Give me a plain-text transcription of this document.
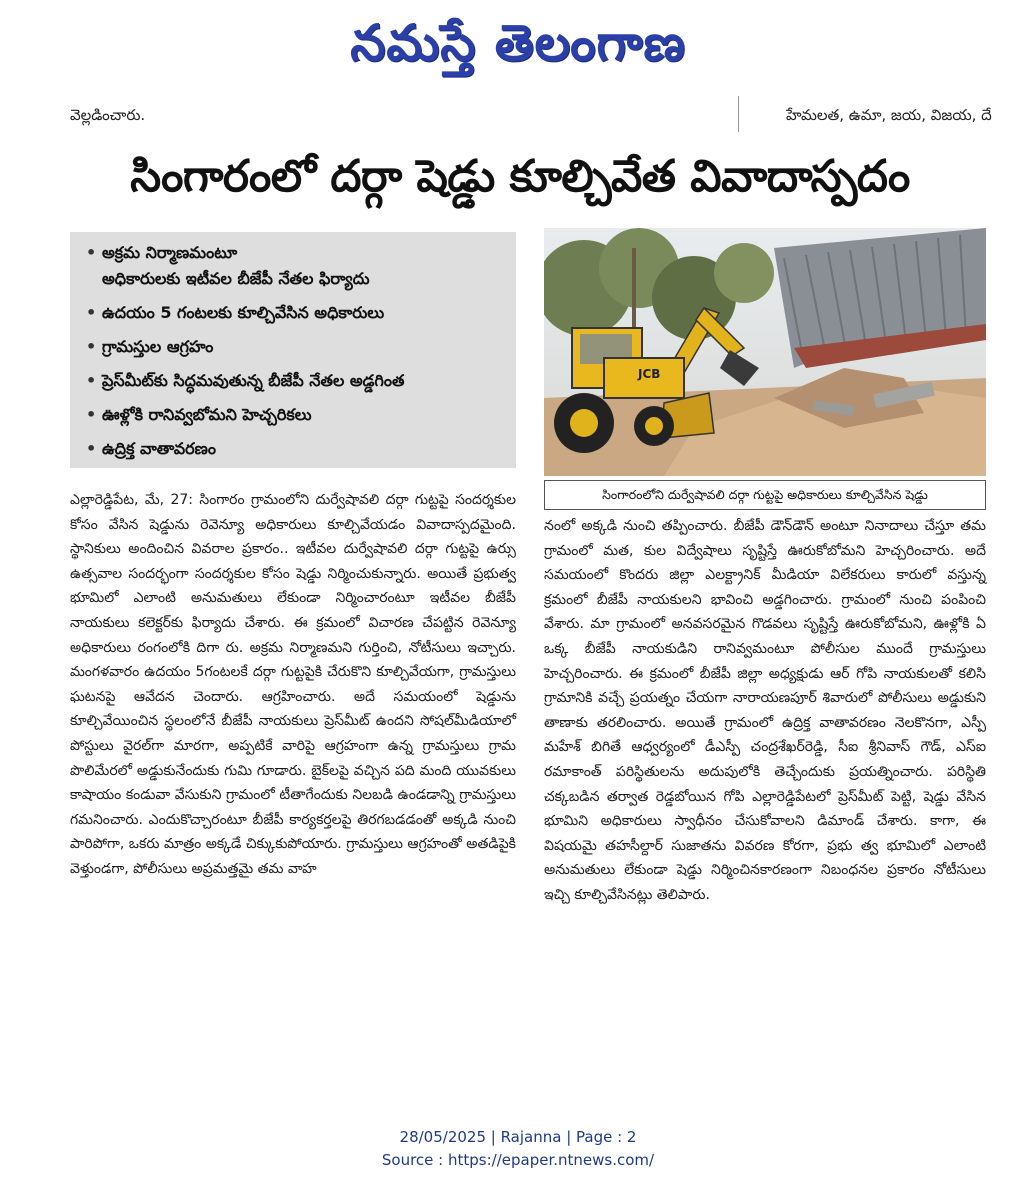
నమస్తే తెలంగాణ
వెల్లడించారు.	హేమలత, ఉమా, జయ, విజయ, దే
సింగారంలో దర్గా షెడ్డు కూల్చివేత వివాదాస్పదం
• అక్రమ నిర్మాణమంటూ
అధికారులకు ఇటీవల బీజేపీ నేతల ఫిర్యాదు
• ఉదయం 5 గంటలకు కూల్చివేసిన అధికారులు
• గ్రామస్తుల ఆగ్రహం
• ప్రెస్‌మీట్‌కు సిద్ధమవుతున్న బీజేపీ నేతల అడ్డగింత
• ఊళ్లోకి రానివ్వబోమని హెచ్చరికలు
• ఉద్రిక్త వాతావరణం
JCB
సింగారంలోని దుర్వేషావలి దర్గా గుట్టపై అధికారులు కూల్చివేసిన షెడ్డు

ఎల్లారెడ్డిపేట, మే, 27: సింగారం గ్రామంలోని దుర్వేషావలి దర్గా గుట్టపై సందర్శకుల కోసం వేసిన షెడ్డును రెవెన్యూ అధికారులు కూల్చివేయడం వివాదాస్పదమైంది. స్థానికులు అందించిన వివరాల ప్రకారం.. ఇటీవల దుర్వేషావలి దర్గా గుట్టపై ఉర్సు ఉత్సవాల సందర్భంగా సందర్శకుల కోసం షెడ్డు నిర్మించుకున్నారు. అయితే ప్రభుత్వ భూమిలో ఎలాంటి అనుమతులు లేకుండా నిర్మించారంటూ ఇటీవల బీజేపీ నాయకులు కలెక్టర్‌కు ఫిర్యాదు చేశారు. ఈ క్రమంలో విచారణ చేపట్టిన రెవెన్యూ అధికారులు రంగంలోకి దిగా రు. అక్రమ నిర్మాణమని గుర్తించి, నోటీసులు ఇచ్చారు. మంగళవారం ఉదయం 5గంటలకే దర్గా గుట్టపైకి చేరుకొని కూల్చివేయగా, గ్రామస్తులు ఘటనపై ఆవేదన చెందారు. ఆగ్రహించారు. అదే సమయంలో షెడ్డును కూల్చివేయించిన స్థలంలోనే బీజేపీ నాయకులు ప్రెస్‌మీట్ ఉందని సోషల్‌మీడియాలో పోస్టులు వైరల్‌గా మారగా, అప్పటికే వారిపై ఆగ్రహంగా ఉన్న గ్రామస్తులు గ్రామ పొలిమేరలో అడ్డుకునేందుకు గుమి గూడారు. బైక్‌లపై వచ్చిన పది మంది యువకులు కాషాయం కండువా వేసుకుని గ్రామంలో టీతాగేందుకు నిలబడి ఉండడాన్ని గ్రామస్తులు గమనించారు. ఎందుకొచ్చారంటూ బీజేపీ కార్యకర్తలపై తిరగబడడంతో అక్కడి నుంచి పారిపోగా, ఒకరు మాత్రం అక్కడే చిక్కుకుపోయారు. గ్రామస్తులు ఆగ్రహంతో అతడిపైకి వెళ్తుండగా, పోలీసులు అప్రమత్తమై తమ వాహ

నంలో అక్కడి నుంచి తప్పించారు. బీజేపీ డౌన్‌డౌన్ అంటూ నినాదాలు చేస్తూ తమ గ్రామంలో మత, కుల విద్వేషాలు సృష్టిస్తే ఊరుకోబోమని హెచ్చరించారు. అదే సమయంలో కొందరు జిల్లా ఎలక్ట్రానిక్ మీడియా విలేకరులు కారులో వస్తున్న క్రమంలో బీజేపీ నాయకులని భావించి అడ్డగించారు. గ్రామంలో నుంచి పంపించి వేశారు. మా గ్రామంలో అనవసరమైన గొడవలు సృష్టిస్తే ఊరుకోబోమని, ఊళ్లోకి ఏ ఒక్క బీజేపీ నాయకుడిని రానివ్వమంటూ పోలీసుల ముందే గ్రామస్తులు హెచ్చరించారు. ఈ క్రమంలో బీజేపీ జిల్లా అధ్యక్షుడు ఆర్ గోపి నాయకులతో కలిసి గ్రామానికి వచ్చే ప్రయత్నం చేయగా నారాయణపూర్ శివారులో పోలీసులు అడ్డుకుని తాణాకు తరలించారు. అయితే గ్రామంలో ఉద్రిక్త వాతావరణం నెలకొనగా, ఎస్పీ మహేశ్ బిగితే ఆధ్వర్యంలో డీఎస్పీ చంద్రశేఖర్‌రెడ్డి, సీఐ శ్రీనివాస్ గౌడ్, ఎస్‌ఐ రమాకాంత్ పరిస్థితులను అదుపులోకి తెచ్చేందుకు ప్రయత్నించారు. పరిస్థితి చక్కబడిన తర్వాత రెడ్డబోయిన గోపి ఎల్లారెడ్డిపేటలో ప్రెస్‌మీట్ పెట్టి, షెడ్డు వేసిన భూమిని అధికారులు స్వాధీనం చేసుకోవాలని డిమాండ్ చేశారు. కాగా, ఈ విషయమై తహసీల్దార్ సుజాతను వివరణ కోరగా, ప్రభు త్వ భూమిలో ఎలాంటి అనుమతులు లేకుండా షెడ్డు నిర్మించినకారణంగా నిబంధనల ప్రకారం నోటీసులు ఇచ్చి కూల్చివేసినట్లు తెలిపారు.

28/05/2025 | Rajanna | Page : 2
Source : https://epaper.ntnews.com/
